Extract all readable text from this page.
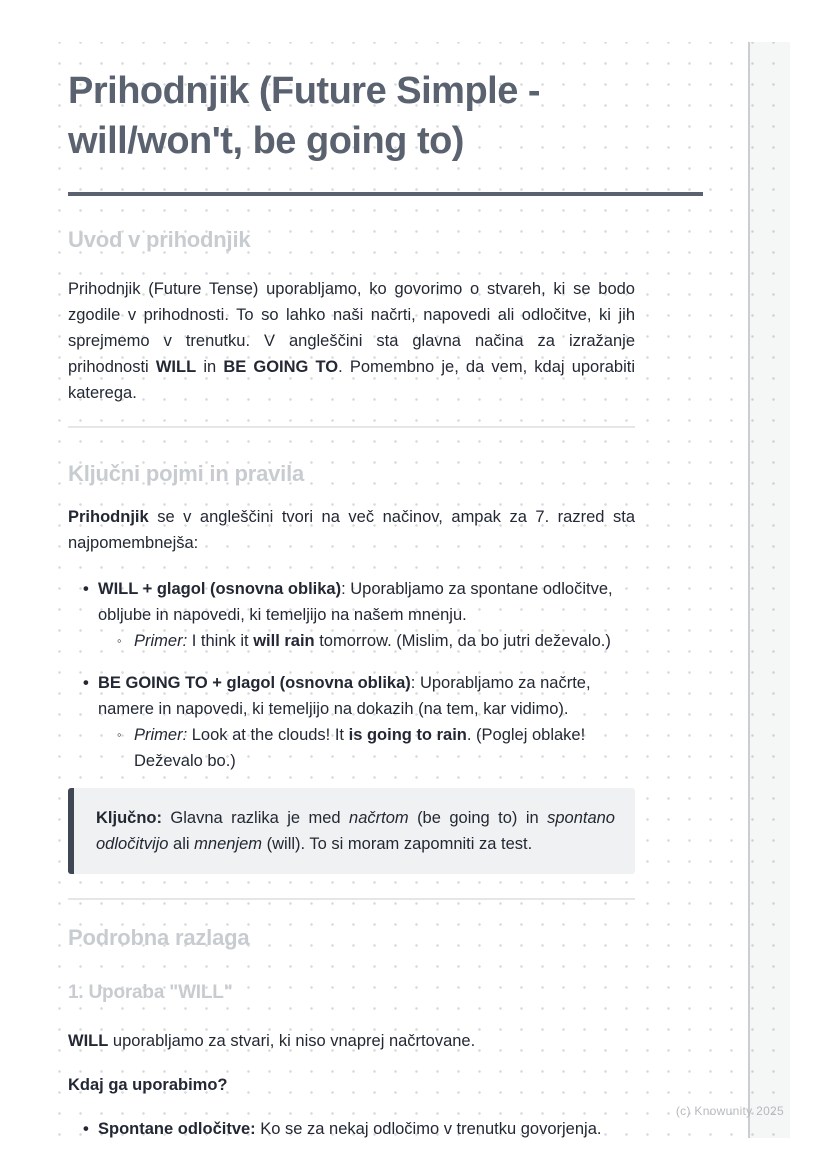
Prihodnjik (Future Simple - will/won't, be going to)
Uvod v prihodnjik

Prihodnjik (Future Tense) uporabljamo, ko govorimo o stvareh, ki se bodo zgodile v prihodnosti. To so lahko naši načrti, napovedi ali odločitve, ki jih sprejmemo v trenutku. V angleščini sta glavna načina za izražanje prihodnosti WILL in BE GOING TO. Pomembno je, da vem, kdaj uporabiti katerega.

Ključni pojmi in pravila

Prihodnjik se v angleščini tvori na več načinov, ampak za 7. razred sta najpomembnejša:

• WILL + glagol (osnovna oblika): Uporabljamo za spontane odločitve, obljube in napovedi, ki temeljijo na našem mnenju.
◦ Primer: I think it will rain tomorrow. (Mislim, da bo jutri deževalo.)
• BE GOING TO + glagol (osnovna oblika): Uporabljamo za načrte, namere in napovedi, ki temeljijo na dokazih (na tem, kar vidimo).
◦ Primer: Look at the clouds! It is going to rain. (Poglej oblake! Deževalo bo.)
Ključno: Glavna razlika je med načrtom (be going to) in spontano odločitvijo ali mnenjem (will). To si moram zapomniti za test.
Podrobna razlaga
1. Uporaba "WILL"

WILL uporabljamo za stvari, ki niso vnaprej načrtovane.

Kdaj ga uporabimo?

• Spontane odločitve: Ko se za nekaj odločimo v trenutku govorjenja.
(c) Knowunity 2025
